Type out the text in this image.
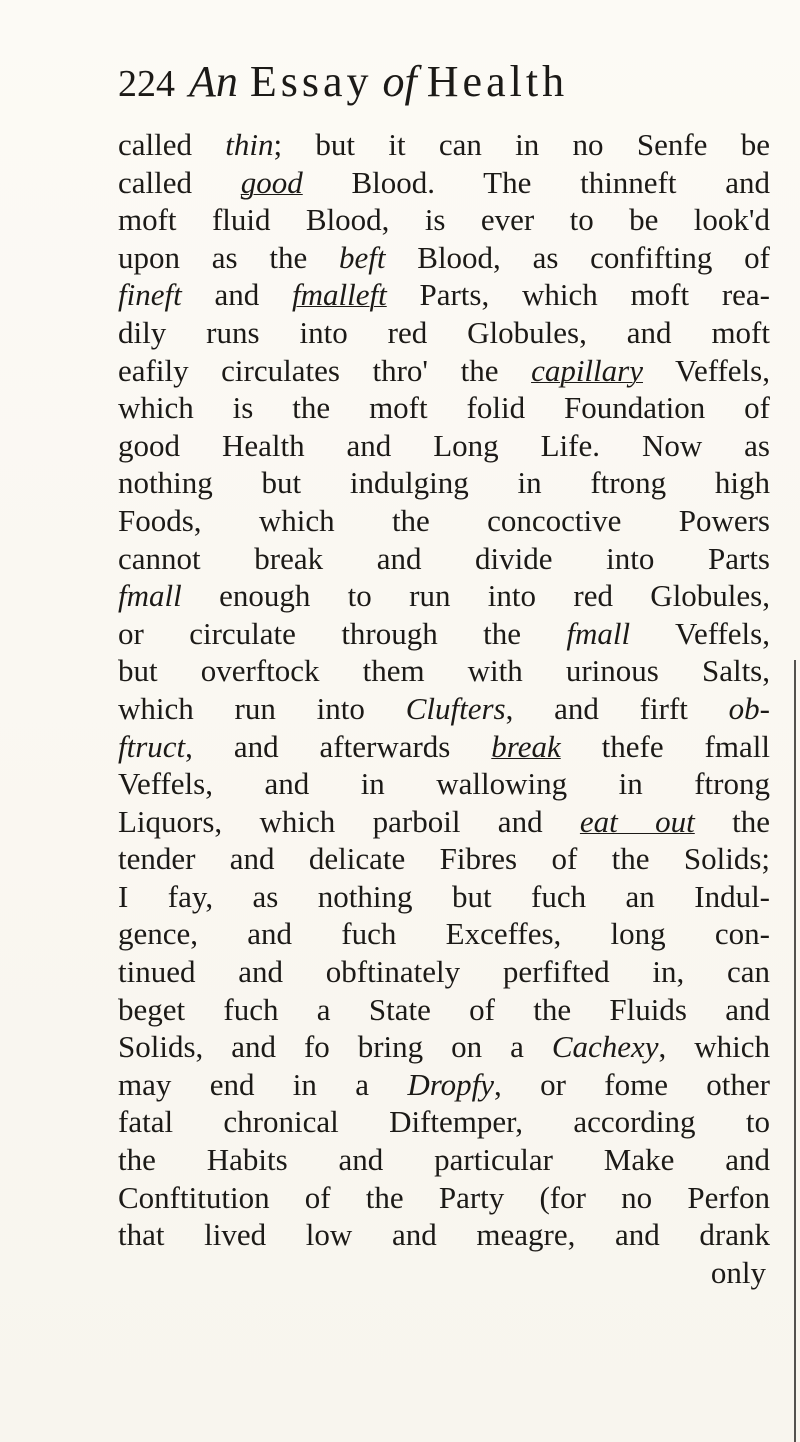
224 An Essay of Health
called thin; but it can in no Senfe be
called good Blood. The thinneft and
moft fluid Blood, is ever to be look'd
upon as the beft Blood, as confifting of
fineft and fmalleft Parts, which moft rea-
dily runs into red Globules, and moft
eafily circulates thro' the capillary Veffels,
which is the moft folid Foundation of
good Health and Long Life. Now as
nothing but indulging in ftrong high
Foods, which the concoctive Powers
cannot break and divide into Parts
fmall enough to run into red Globules,
or circulate through the fmall Veffels,
but overftock them with urinous Salts,
which run into Clufters, and firft ob-
ftruct, and afterwards break thefe fmall
Veffels, and in wallowing in ftrong
Liquors, which parboil and eat out the
tender and delicate Fibres of the Solids;
I fay, as nothing but fuch an Indul-
gence, and fuch Exceffes, long con-
tinued and obftinately perfifted in, can
beget fuch a State of the Fluids and
Solids, and fo bring on a Cachexy, which
may end in a Dropfy, or fome other
fatal chronical Diftemper, according to
the Habits and particular Make and
Conftitution of the Party (for no Perfon
that lived low and meagre, and drank
only
